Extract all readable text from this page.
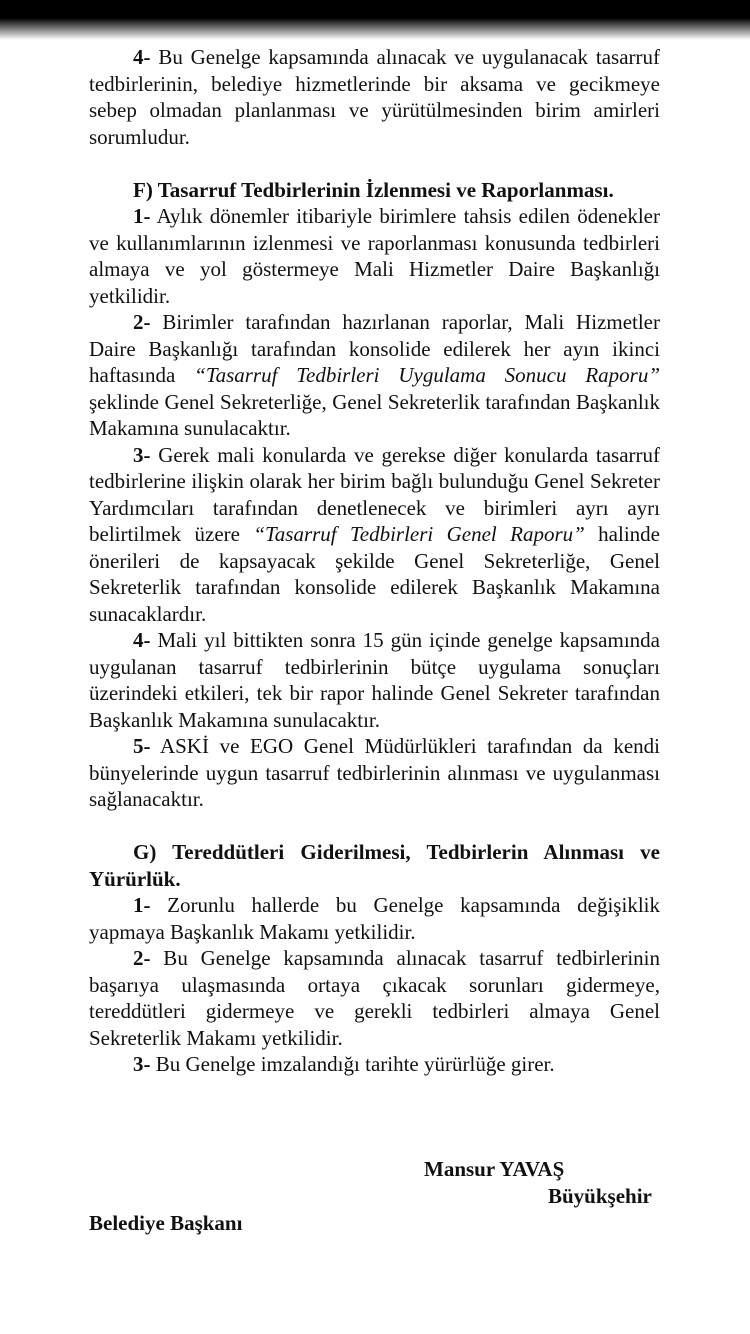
4- Bu Genelge kapsamında alınacak ve uygulanacak tasarruf tedbirlerinin, belediye hizmetlerinde bir aksama ve gecikmeye sebep olmadan planlanması ve yürütülmesinden birim amirleri sorumludur.

F) Tasarruf Tedbirlerinin İzlenmesi ve Raporlanması.

1- Aylık dönemler itibariyle birimlere tahsis edilen ödenekler ve kullanımlarının izlenmesi ve raporlanması konusunda tedbirleri almaya ve yol göstermeye Mali Hizmetler Daire Başkanlığı yetkilidir.

2- Birimler tarafından hazırlanan raporlar, Mali Hizmetler Daire Başkanlığı tarafından konsolide edilerek her ayın ikinci haftasında “Tasarruf Tedbirleri Uygulama Sonucu Raporu” şeklinde Genel Sekreterliğe, Genel Sekreterlik tarafından Başkanlık Makamına sunulacaktır.

3- Gerek mali konularda ve gerekse diğer konularda tasarruf tedbirlerine ilişkin olarak her birim bağlı bulunduğu Genel Sekreter Yardımcıları tarafından denetlenecek ve birimleri ayrı ayrı belirtilmek üzere “Tasarruf Tedbirleri Genel Raporu” halinde önerileri de kapsayacak şekilde Genel Sekreterliğe, Genel Sekreterlik tarafından konsolide edilerek Başkanlık Makamına sunacaklardır.

4- Mali yıl bittikten sonra 15 gün içinde genelge kapsamında uygulanan tasarruf tedbirlerinin bütçe uygulama sonuçları üzerindeki etkileri, tek bir rapor halinde Genel Sekreter tarafından Başkanlık Makamına sunulacaktır.

5- ASKİ ve EGO Genel Müdürlükleri tarafından da kendi bünyelerinde uygun tasarruf tedbirlerinin alınması ve uygulanması sağlanacaktır.

G) Tereddütleri Giderilmesi, Tedbirlerin Alınması ve Yürürlük.

1- Zorunlu hallerde bu Genelge kapsamında değişiklik yapmaya Başkanlık Makamı yetkilidir.

2- Bu Genelge kapsamında alınacak tasarruf tedbirlerinin başarıya ulaşmasında ortaya çıkacak sorunları gidermeye, tereddütleri gidermeye ve gerekli tedbirleri almaya Genel Sekreterlik Makamı yetkilidir.

3- Bu Genelge imzalandığı tarihte yürürlüğe girer.

Mansur YAVAŞ
Büyükşehir
Belediye Başkanı
